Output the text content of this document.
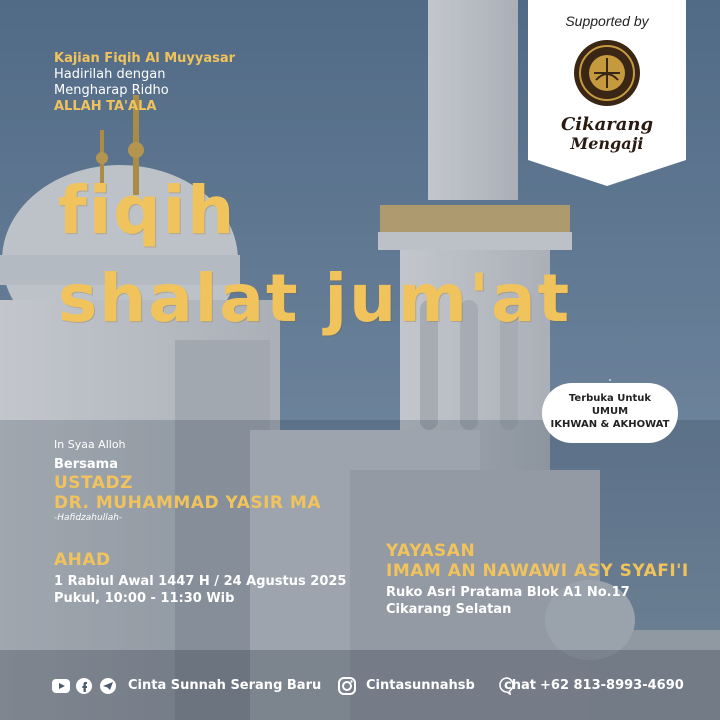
Kajian Fiqih Al Muyyasar
Hadirilah dengan
Mengharap Ridho
ALLAH TA'ALA
Supported by
Cikarang
Mengaji
fiqih
shalat jum'at
Terbuka Untuk
UMUM
IKHWAN & AKHOWAT
In Syaa Alloh
Bersama
USTADZ
DR. MUHAMMAD YASIR MA
-Hafidzahullah-
AHAD
1 Rabiul Awal 1447 H / 24 Agustus 2025
Pukul, 10:00 - 11:30 Wib
YAYASAN
IMAM AN NAWAWI ASY SYAFI'I
Ruko Asri Pratama Blok A1 No.17
Cikarang Selatan
Cinta Sunnah Serang Baru	Cintasunnahsb chat +62 813-8993-4690
